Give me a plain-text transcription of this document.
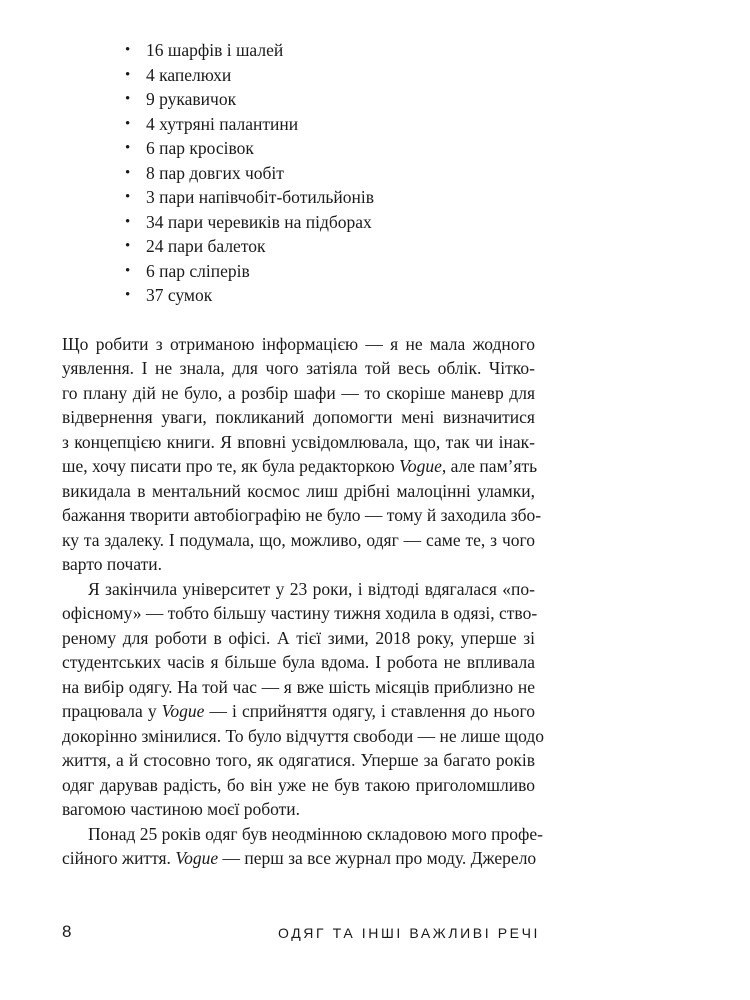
• 16 шарфів і шалей
• 4 капелюхи
• 9 рукавичок
• 4 хутряні палантини
• 6 пар кросівок
• 8 пар довгих чобіт
• 3 пари напівчобіт-ботильйонів
• 34 пари черевиків на підборах
• 24 пари балеток
• 6 пар сліперів
• 37 сумок
Що робити з отриманою інформацією — я не мала жодного
уявлення. І не знала, для чого затіяла той весь облік. Чітко-
го плану дій не було, а розбір шафи — то скоріше маневр для
відвернення уваги, покликаний допомогти мені визначитися
з концепцією книги. Я вповні усвідомлювала, що, так чи інак-
ше, хочу писати про те, як була редакторкою Vogue, але пам’ять
викидала в ментальний космос лиш дрібні малоцінні уламки,
бажання творити автобіографію не було — тому й заходила збо-
ку та здалеку. І подумала, що, можливо, одяг — саме те, з чого
варто почати.
Я закінчила університет у 23 роки, і відтоді вдягалася «по-
офісному» — тобто більшу частину тижня ходила в одязі, ство-
реному для роботи в офісі. А тієї зими, 2018 року, уперше зі
студентських часів я більше була вдома. І робота не впливала
на вибір одягу. На той час — я вже шість місяців приблизно не
працювала у Vogue — і сприйняття одягу, і ставлення до нього
докорінно змінилися. То було відчуття свободи — не лише щодо
життя, а й стосовно того, як одягатися. Уперше за багато років
одяг дарував радість, бо він уже не був такою приголомшливо
вагомою частиною моєї роботи.
Понад 25 років одяг був неодмінною складовою мого профе-
сійного життя. Vogue — перш за все журнал про моду. Джерело
8	ОДЯГ ТА ІНШІ ВАЖЛИВІ РЕЧІ
